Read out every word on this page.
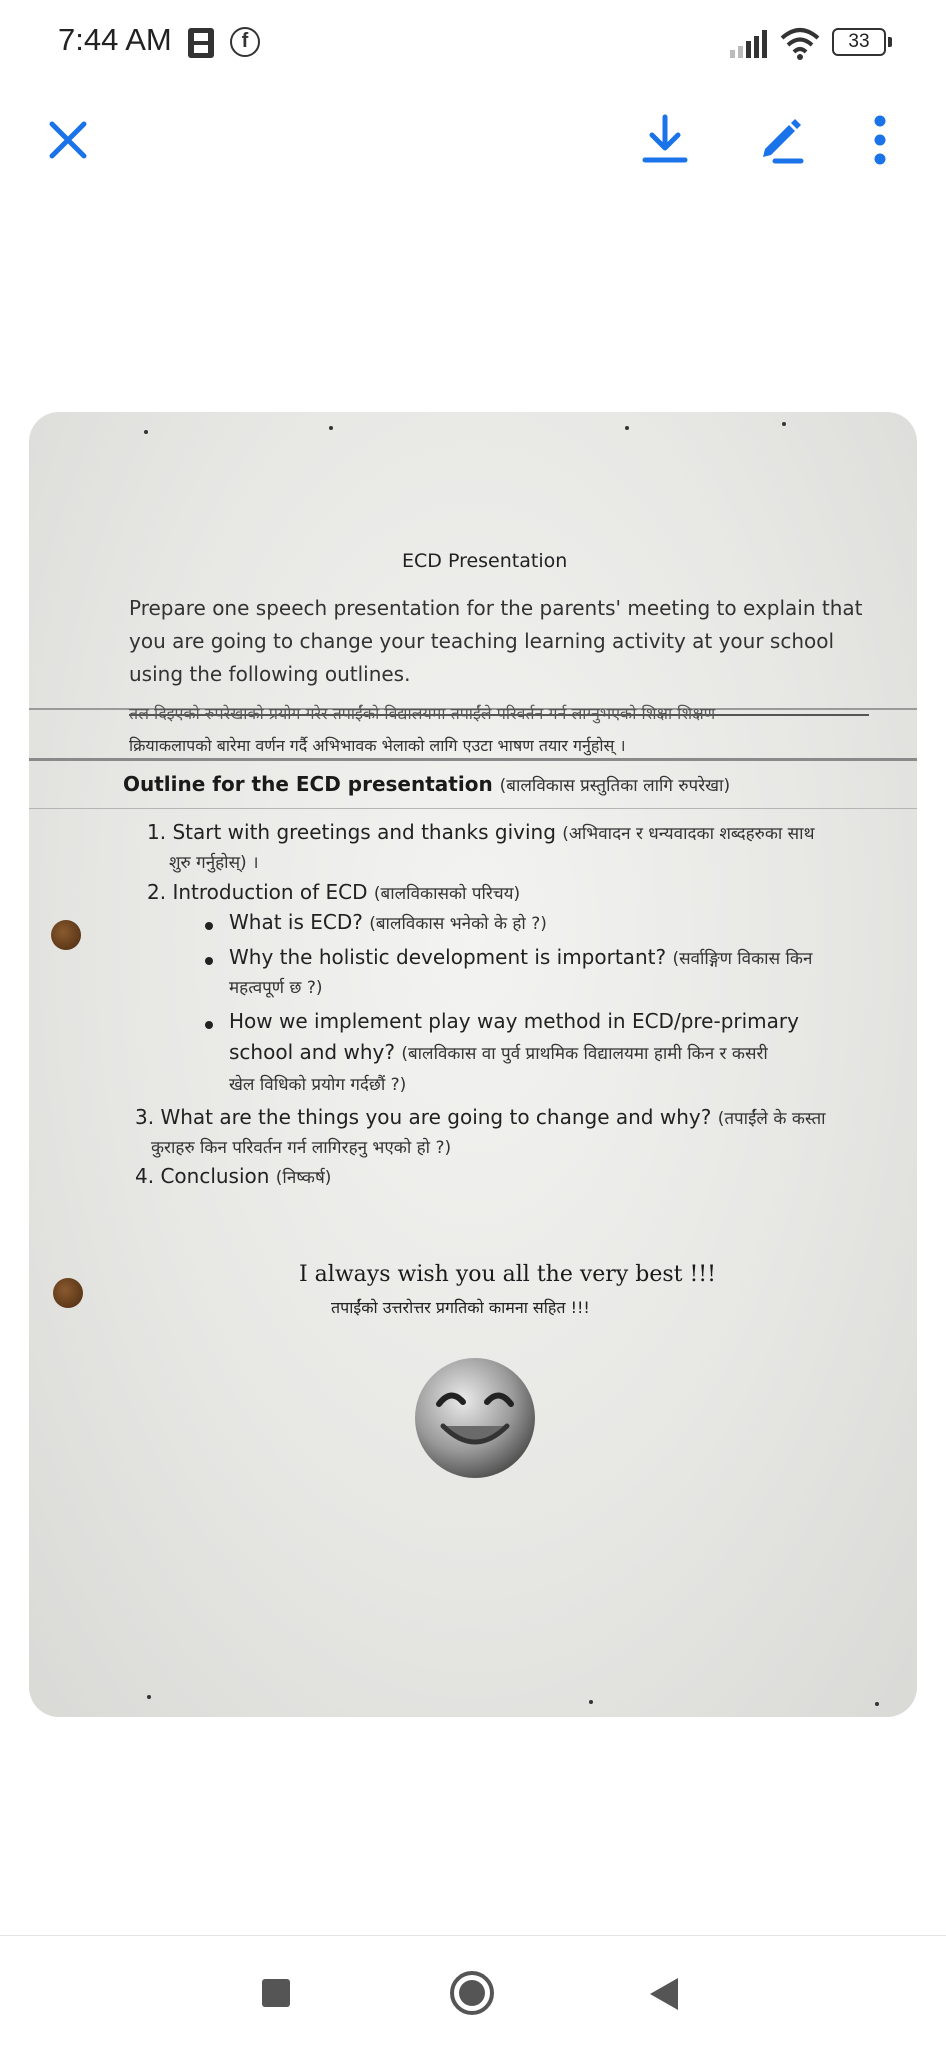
7:44 AM	f	33
ECD Presentation
Prepare one speech presentation for the parents' meeting to explain that
you are going to change your teaching learning activity at your school
using the following outlines.
क्रियाकलापको बारेमा वर्णन गर्दै अभिभावक भेलाको लागि एउटा भाषण तयार गर्नुहोस् ।
Outline for the ECD presentation (बालविकास प्रस्तुतिका लागि रुपरेखा)
1. Start with greetings and thanks giving (अभिवादन र धन्यवादका शब्दहरुका साथ
शुरु गर्नुहोस्) ।
2. Introduction of ECD (बालविकासको परिचय)
What is ECD? (बालविकास भनेको के हो ?)
Why the holistic development is important? (सर्वाङ्गिण विकास किन
महत्वपूर्ण छ ?)
How we implement play way method in ECD/pre-primary
school and why? (बालविकास वा पुर्व प्राथमिक विद्यालयमा हामी किन र कसरी
खेल विधिको प्रयोग गर्दछौं ?)
3. What are the things you are going to change and why? (तपाईंले के कस्ता
कुराहरु किन परिवर्तन गर्न लागिरहनु भएको हो ?)
4. Conclusion (निष्कर्ष)
I always wish you all the very best !!!
तपाईंको उत्तरोत्तर प्रगतिको कामना सहित !!!
